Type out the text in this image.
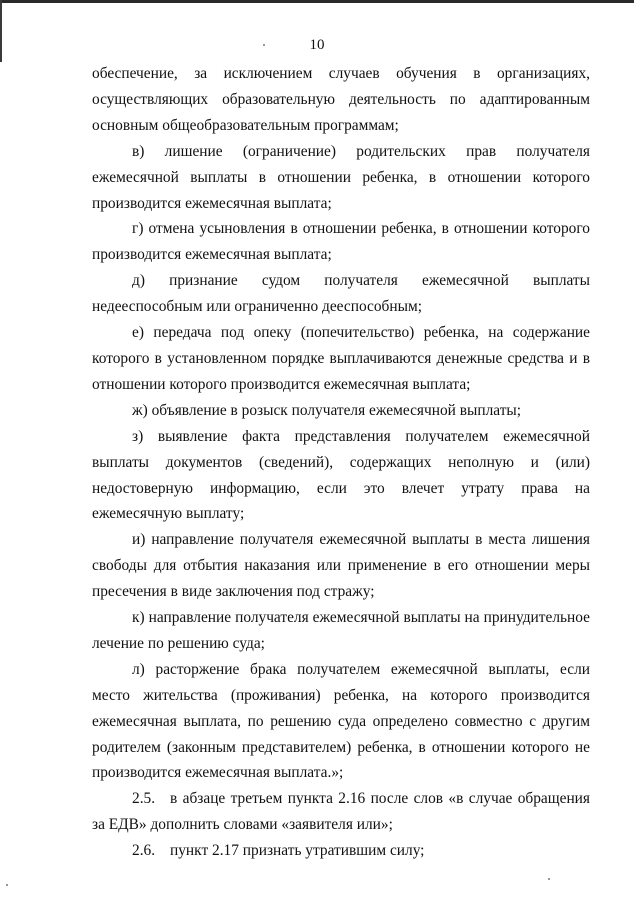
10

обеспечение, за исключением случаев обучения в организациях, осуществляющих образовательную деятельность по адаптированным основным общеобразовательным программам;

в) лишение (ограничение) родительских прав получателя ежемесячной выплаты в отношении ребенка, в отношении которого производится ежемесячная выплата;

г) отмена усыновления в отношении ребенка, в отношении которого производится ежемесячная выплата;

д) признание судом получателя ежемесячной выплаты недееспособным или ограниченно дееспособным;

е) передача под опеку (попечительство) ребенка, на содержание которого в установленном порядке выплачиваются денежные средства и в отношении которого производится ежемесячная выплата;

ж) объявление в розыск получателя ежемесячной выплаты;

з) выявление факта представления получателем ежемесячной выплаты документов (сведений), содержащих неполную и (или) недостоверную информацию, если это влечет утрату права на ежемесячную выплату;

и) направление получателя ежемесячной выплаты в места лишения свободы для отбытия наказания или применение в его отношении меры пресечения в виде заключения под стражу;

к) направление получателя ежемесячной выплаты на принудительное лечение по решению суда;

л) расторжение брака получателем ежемесячной выплаты, если место жительства (проживания) ребенка, на которого производится ежемесячная выплата, по решению суда определено совместно с другим родителем (законным представителем) ребенка, в отношении которого не производится ежемесячная выплата.»;

2.5. в абзаце третьем пункта 2.16 после слов «в случае обращения за ЕДВ» дополнить словами «заявителя или»;

2.6. пункт 2.17 признать утратившим силу;
